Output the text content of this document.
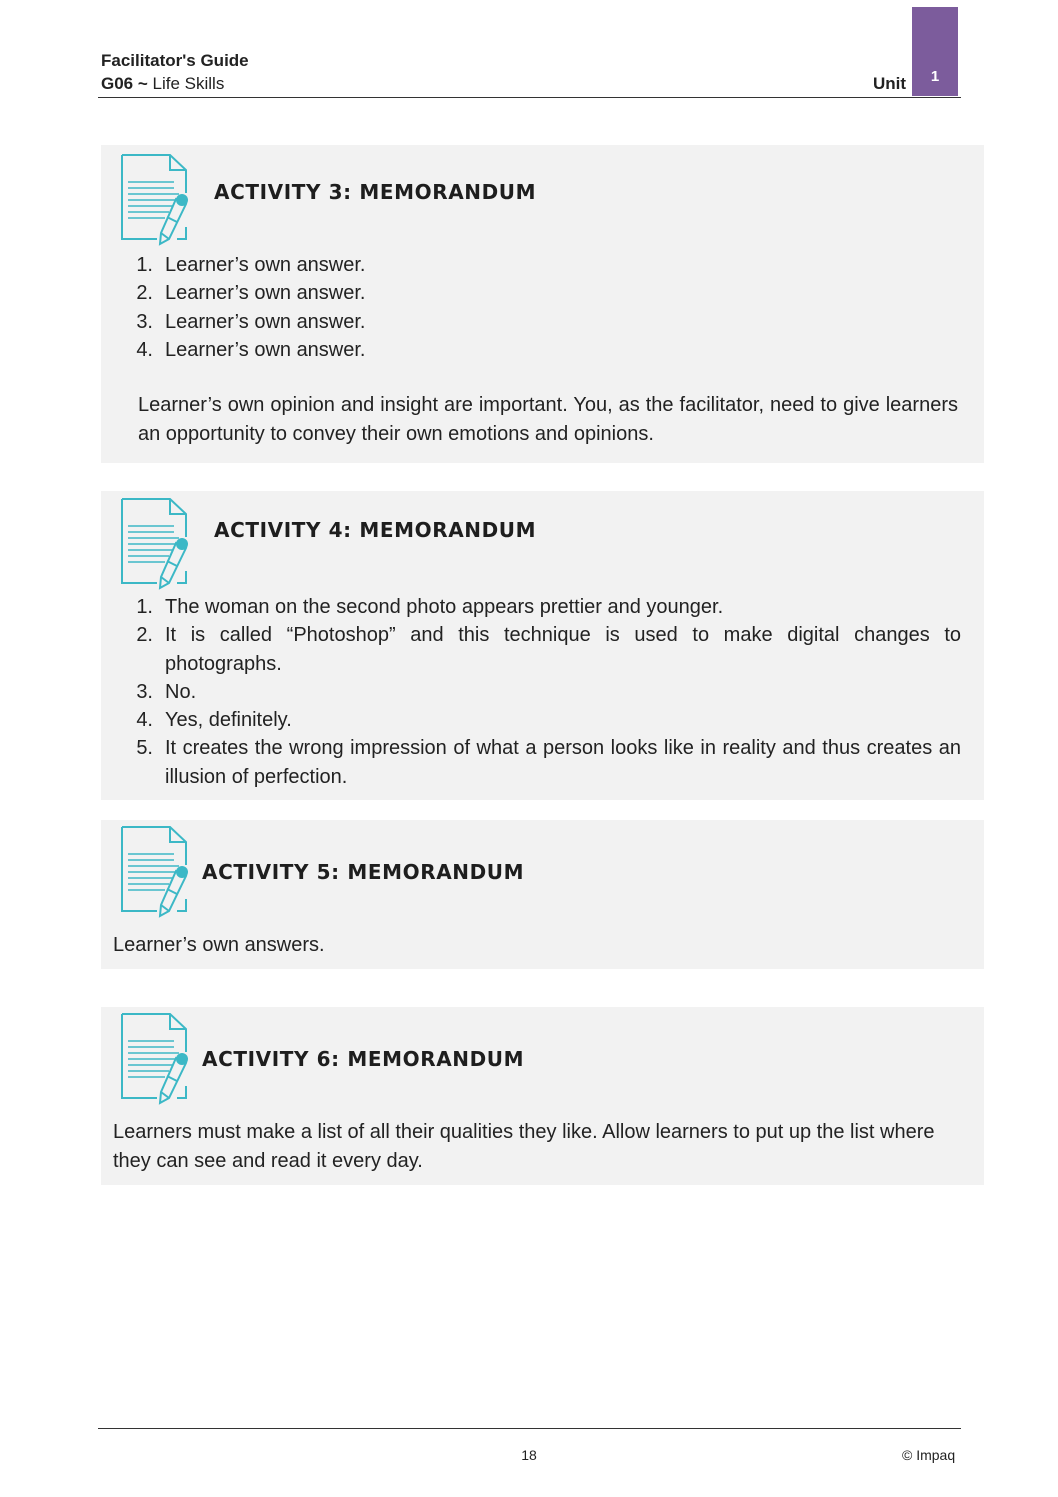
Facilitator's Guide
G06 ~ Life Skills	Unit	1
ACTIVITY 3: MEMORANDUM
1. Learner’s own answer.
2. Learner’s own answer.
3. Learner’s own answer.
4. Learner’s own answer.

Learner’s own opinion and insight are important. You, as the facilitator, need to give learners an opportunity to convey their own emotions and opinions.

ACTIVITY 4: MEMORANDUM
1. The woman on the second photo appears prettier and younger.
2. It is called “Photoshop” and this technique is used to make digital changes to photographs.
3. No.
4. Yes, definitely.
5. It creates the wrong impression of what a person looks like in reality and thus creates an illusion of perfection.
ACTIVITY 5: MEMORANDUM

Learner’s own answers.

ACTIVITY 6: MEMORANDUM

Learners must make a list of all their qualities they like. Allow learners to put up the list where they can see and read it every day.

18	© Impaq
